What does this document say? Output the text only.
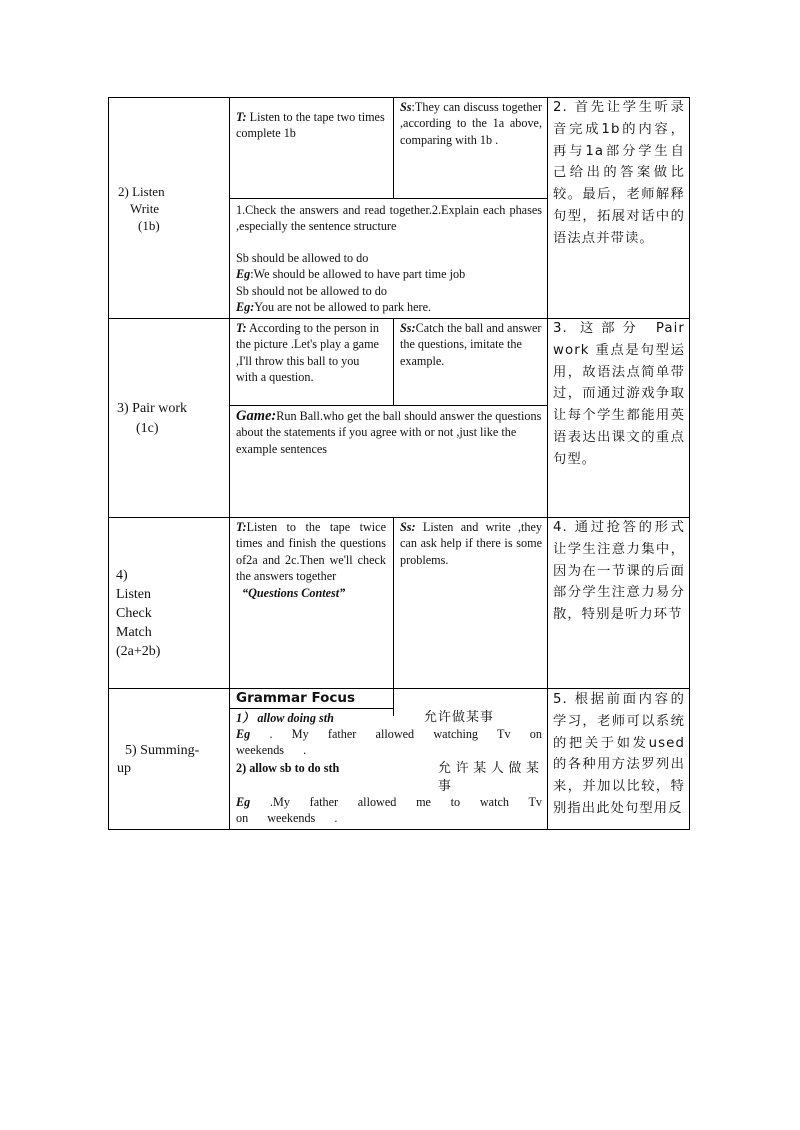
2) Listen
Write
(1b)
T: Listen to the tape two times complete 1b
Ss:They can discuss together ,according to the 1a above, comparing with 1b .
1.Check the answers and read together.2.Explain each phases ,especially the sentence structure
Sb should be allowed to do
Eg:We should be allowed to have part time job
Sb should not be allowed to do
Eg:You are not be allowed to park here.
2. 首先让学生听录音完成1b的内容，再与1a部分学生自己给出的答案做比较。最后，老师解释句型，拓展对话中的语法点并带读。
3) Pair work
(1c)
T: According to the person in the picture .Let's play a game ,I'll throw this ball to you with a question.
Ss:Catch the ball and answer the questions, imitate the example.
Game:Run Ball.who get the ball should answer the questions about the statements if you agree with or not ,just like the example sentences
3. 这部分 Pair work 重点是句型运用，故语法点简单带过，而通过游戏争取让每个学生都能用英语表达出课文的重点句型。
4)
Listen Check
Match
(2a+2b)
T:Listen to the tape twice times and finish the questions of2a and 2c.Then we'll check the answers together
“Questions Contest”
Ss: Listen and write ,they can ask help if there is some problems.
4. 通过抢答的形式让学生注意力集中，因为在一节课的后面部分学生注意力易分散，特别是听力环节
5) Summing-
up
Grammar Focus
1） allow doing sth	允许做某事
Eg . My father allowed watching Tv on weekends .
2) allow sb to do sth	允许某人做某事
Eg .My father allowed me to watch Tv on weekends .
5. 根据前面内容的学习，老师可以系统的把关于如发used的各种用方法罗列出来，并加以比较，特别指出此处句型用反
